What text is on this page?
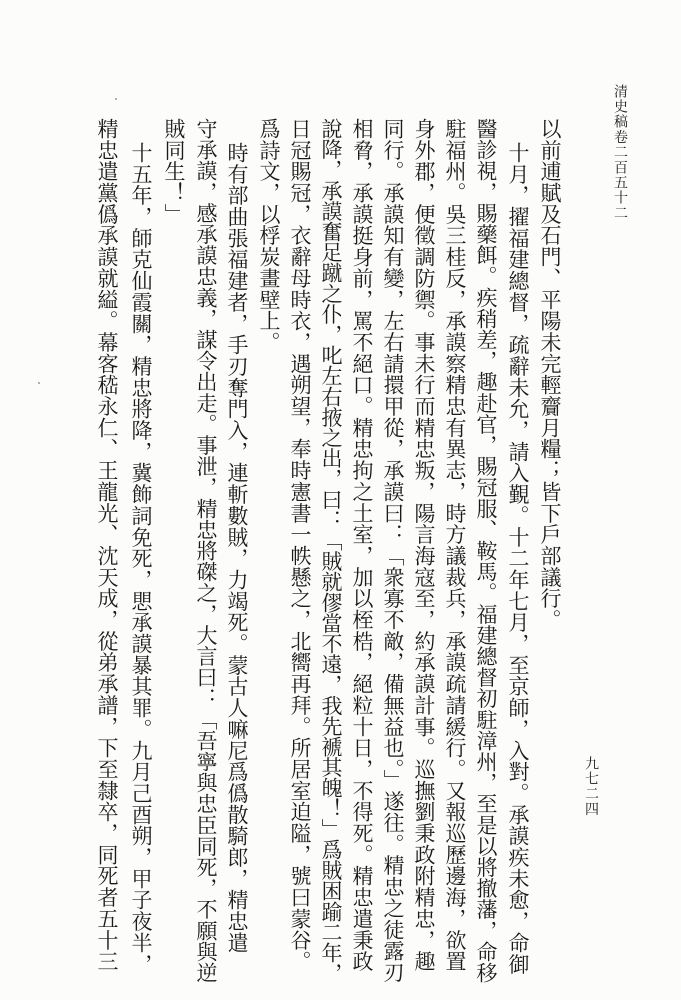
清史稿卷二百五十二
九七二四
以前逋賦及石門、平陽未完輕齎月糧；皆下戶部議行。
十月，擢福建總督，疏辭未允，請入覲。十二年七月，至京師，入對。承謨疾未愈，命御
醫診視，賜藥餌。疾稍差，趣赴官，賜冠服、鞍馬。福建總督初駐漳州，至是以將撤藩，命移
駐福州。吳三桂反，承謨察精忠有異志，時方議裁兵，承謨疏請緩行。又報巡歷邊海，欲置
身外郡，便徵調防禦。事未行而精忠叛，陽言海寇至，約承謨計事。巡撫劉秉政附精忠，趣
同行。承謨知有變，左右請擐甲從，承謨曰：「衆寡不敵，備無益也。」遂往。精忠之徒露刃
相脅，承謨挺身前，罵不絕口。精忠拘之土室，加以桎梏，絕粒十日，不得死。精忠遣秉政
說降，承謨奮足蹴之仆，叱左右掖之出，曰：「賊就僇當不遠，我先褫其魄！」爲賊困踰二年，
日冠賜冠，衣辭母時衣，遇朔望，奉時憲書一帙懸之，北嚮再拜。所居室迫隘，號曰蒙谷。
爲詩文，以桴炭畫壁上。
時有部曲張福建者，手刃奪門入，連斬數賊，力竭死。蒙古人嘛尼爲僞散騎郎，精忠遣
守承謨，感承謨忠義，謀令出走。事泄，精忠將磔之，大言曰：「吾寧與忠臣同死，不願與逆
賊同生！」
十五年，師克仙霞關，精忠將降，冀飾詞免死，愳承謨暴其罪。九月己酉朔，甲子夜半，
精忠遣黨僞承謨就縊。幕客嵇永仁、王龍光、沈天成，從弟承譜，下至隸卒，同死者五十三
